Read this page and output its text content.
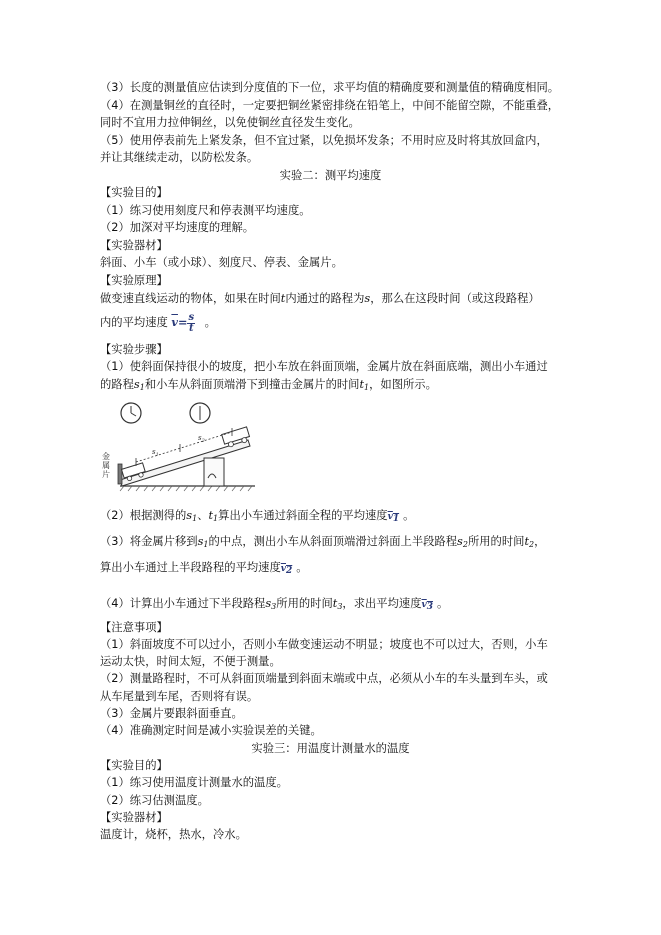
（3）长度的测量值应估读到分度值的下一位，求平均值的精确度要和测量值的精确度相同。
（4）在测量铜丝的直径时，一定要把铜丝紧密排绕在铅笔上，中间不能留空隙，不能重叠，
同时不宜用力拉伸铜丝，以免使铜丝直径发生变化。
（5）使用停表前先上紧发条，但不宜过紧，以免损坏发条；不用时应及时将其放回盒内，
并让其继续走动，以防松发条。
实验二：测平均速度
【实验目的】
（1）练习使用刻度尺和停表测平均速度。
（2）加深对平均速度的理解。
【实验器材】
斜面、小车（或小球）、刻度尺、停表、金属片。
【实验原理】
做变速直线运动的物体，如果在时间t内通过的路程为s，那么在这段时间（或这段路程）
内的平均速度 $\overline{v}= \frac{s}{t}$ 。
【实验步骤】
（1）使斜面保持很小的坡度，把小车放在斜面顶端，金属片放在斜面底端，测出小车通过
的路程$s_1$和小车从斜面顶端滑下到撞击金属片的时间$t_1$，如图所示。
$s_1$
$s_2$
金属片
（2）根据测得的$s_1$、$t_1$算出小车通过斜面全程的平均速度$\overline{v}_1$ 。
（3）将金属片移到$s_1$的中点，测出小车从斜面顶端滑过斜面上半段路程$s_2$所用的时间$t_2$，
算出小车通过上半段路程的平均速度$\overline{v}_2$ 。
（4）计算出小车通过下半段路程$s_3$所用的时间$t_3$，求出平均速度$\overline{v}_3$ 。
【注意事项】
（1）斜面坡度不可以过小，否则小车做变速运动不明显；坡度也不可以过大，否则，小车
运动太快，时间太短，不便于测量。
（2）测量路程时，不可从斜面顶端量到斜面末端或中点，必须从小车的车头量到车头，或
从车尾量到车尾，否则将有误。
（3）金属片要跟斜面垂直。
（4）准确测定时间是减小实验误差的关键。
实验三：用温度计测量水的温度
【实验目的】
（1）练习使用温度计测量水的温度。
（2）练习估测温度。
【实验器材】
温度计，烧杯，热水，冷水。
